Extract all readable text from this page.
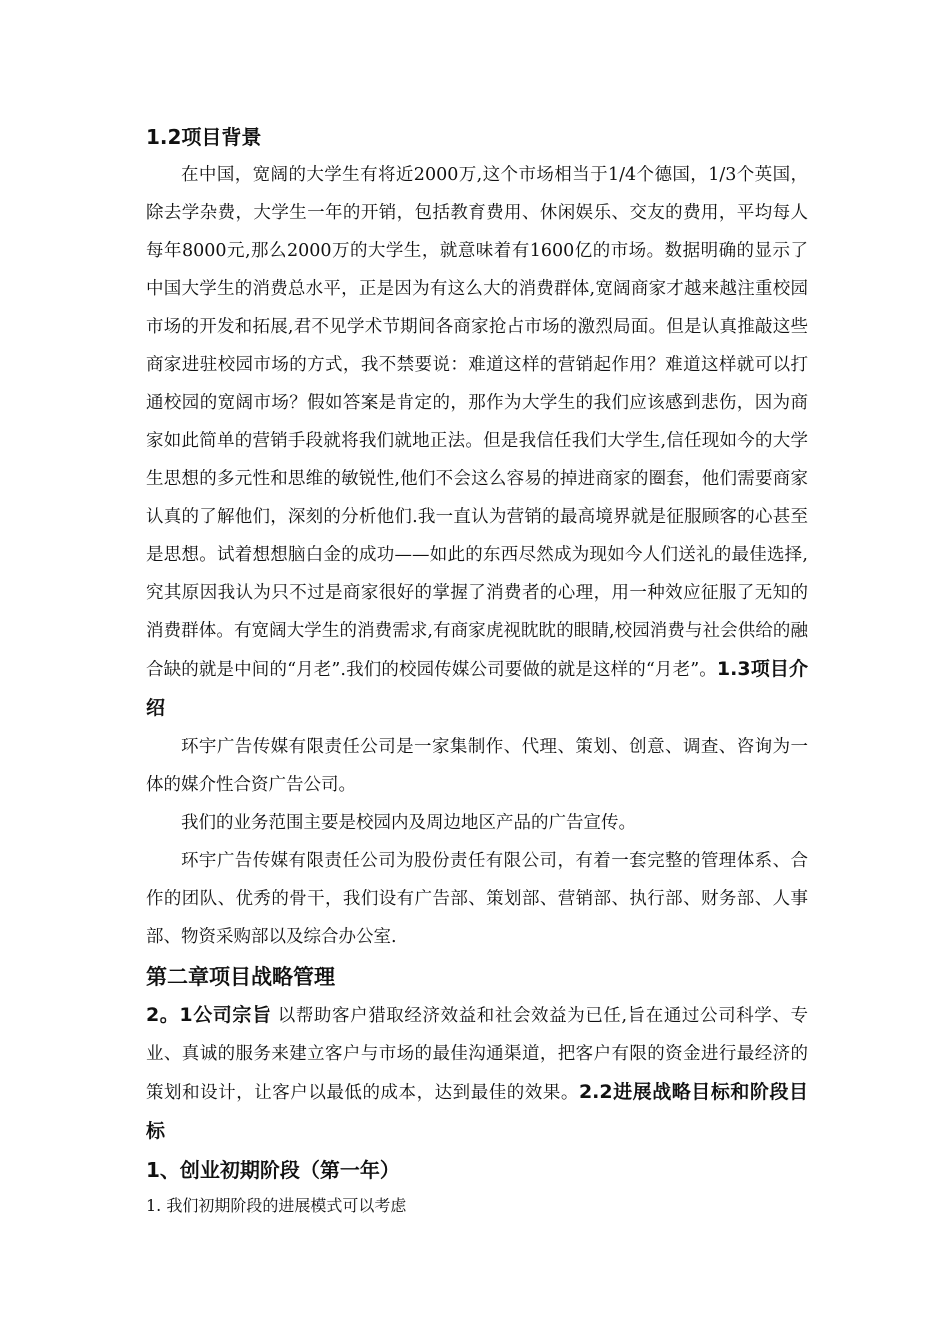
1.2项目背景

在中国，宽阔的大学生有将近2000万,这个市场相当于1/4个德国，1/3个英国，除去学杂费，大学生一年的开销，包括教育费用、休闲娱乐、交友的费用，平均每人每年8000元,那么2000万的大学生，就意味着有1600亿的市场。数据明确的显示了中国大学生的消费总水平，正是因为有这么大的消费群体,宽阔商家才越来越注重校园市场的开发和拓展,君不见学术节期间各商家抢占市场的激烈局面。但是认真推敲这些商家进驻校园市场的方式，我不禁要说：难道这样的营销起作用？难道这样就可以打通校园的宽阔市场？假如答案是肯定的，那作为大学生的我们应该感到悲伤，因为商家如此简单的营销手段就将我们就地正法。但是我信任我们大学生,信任现如今的大学生思想的多元性和思维的敏锐性,他们不会这么容易的掉进商家的圈套，他们需要商家认真的了解他们，深刻的分析他们.我一直认为营销的最高境界就是征服顾客的心甚至是思想。试着想想脑白金的成功——如此的东西尽然成为现如今人们送礼的最佳选择,究其原因我认为只不过是商家很好的掌握了消费者的心理，用一种效应征服了无知的消费群体。有宽阔大学生的消费需求,有商家虎视眈眈的眼睛,校园消费与社会供给的融合缺的就是中间的“月老”.我们的校园传媒公司要做的就是这样的“月老”。1.3项目介绍

环宇广告传媒有限责任公司是一家集制作、代理、策划、创意、调查、咨询为一体的媒介性合资广告公司。

我们的业务范围主要是校园内及周边地区产品的广告宣传。

环宇广告传媒有限责任公司为股份责任有限公司，有着一套完整的管理体系、合作的团队、优秀的骨干，我们设有广告部、策划部、营销部、执行部、财务部、人事部、物资采购部以及综合办公室.

第二章项目战略管理

2。1公司宗旨 以帮助客户猎取经济效益和社会效益为已任,旨在通过公司科学、专业、真诚的服务来建立客户与市场的最佳沟通渠道，把客户有限的资金进行最经济的策划和设计，让客户以最低的成本，达到最佳的效果。2.2进展战略目标和阶段目标

1、创业初期阶段（第一年）

1. 我们初期阶段的进展模式可以考虑
